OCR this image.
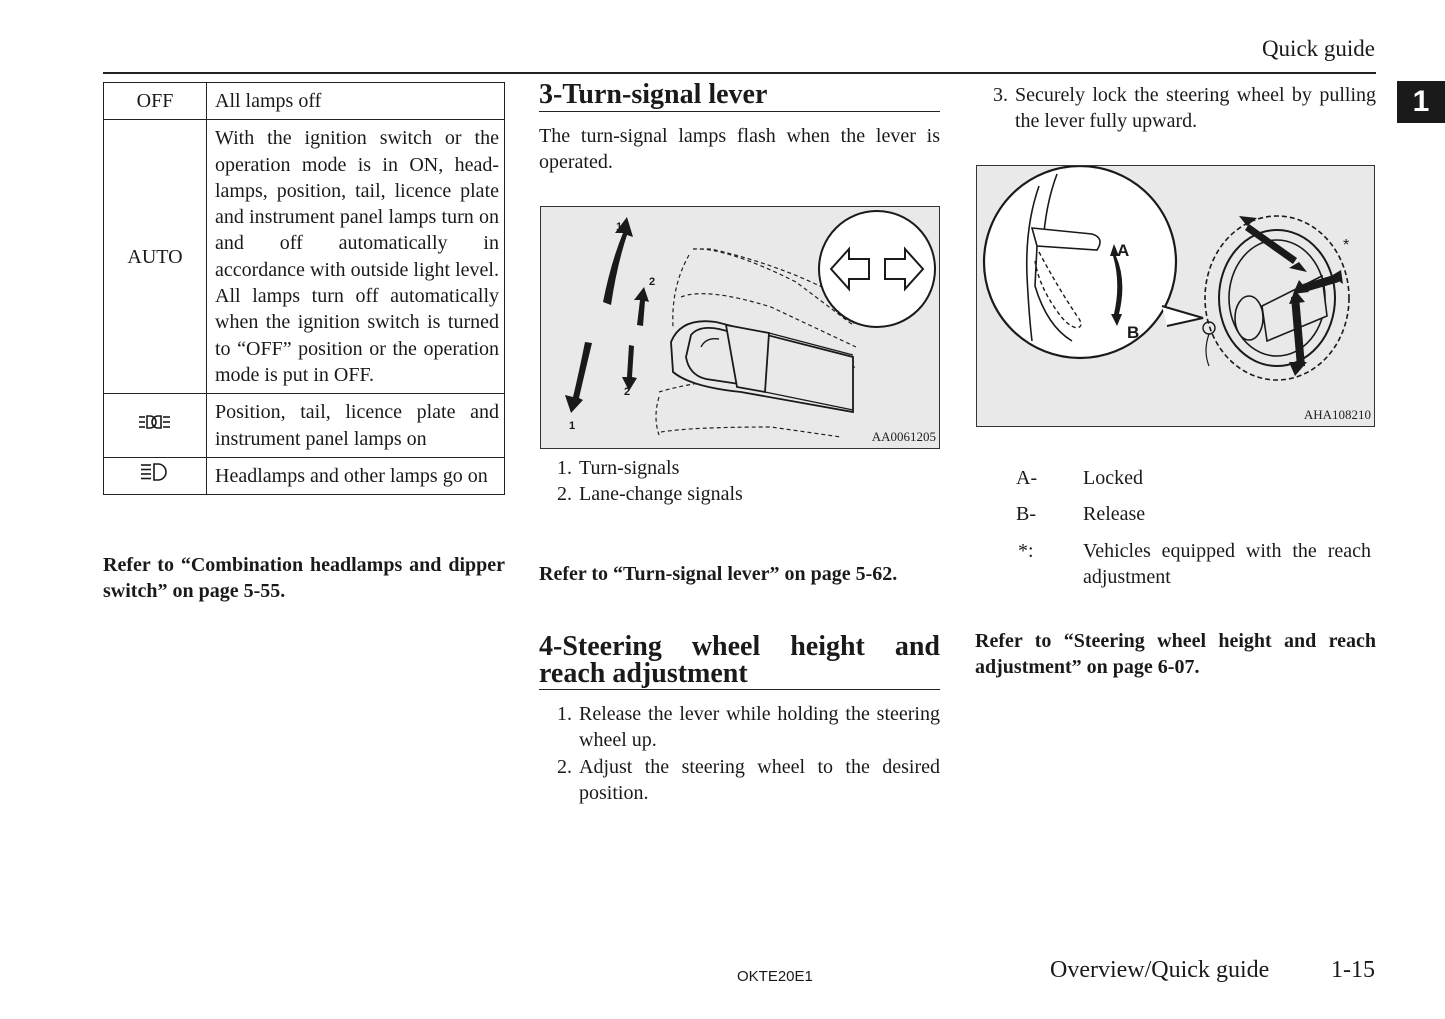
Quick guide
1
OFF	All lamps off
AUTO	With the ignition switch or the operation mode is in ON, headlamps, position, tail, licence plate and instrument panel lamps turn on and off automatically in accordance with outside light level. All lamps turn off automatically when the ignition switch is turned to “OFF” position or the operation mode is put in OFF.
	Position, tail, licence plate and instrument panel lamps on
	Headlamps and other lamps go on
Refer to “Combination headlamps and dipper switch” on page 5-55.
3-Turn-signal lever
The turn-signal lamps flash when the lever is operated.
1
2
2
1
AA0061205
1. Turn-signals
2. Lane-change signals
Refer to “Turn-signal lever” on page 5-62.
4-Steering wheel height and reach adjustment
1. Release the lever while holding the steering wheel up.
2. Adjust the steering wheel to the desired position.
3. Securely lock the steering wheel by pulling the lever fully upward.
A
B
*
AHA108210
A-	Locked
B-	Release
*:	Vehicles equipped with the reach adjustment
Refer to “Steering wheel height and reach adjustment” on page 6-07.
OKTE20E1	Overview/Quick guide	1-15
